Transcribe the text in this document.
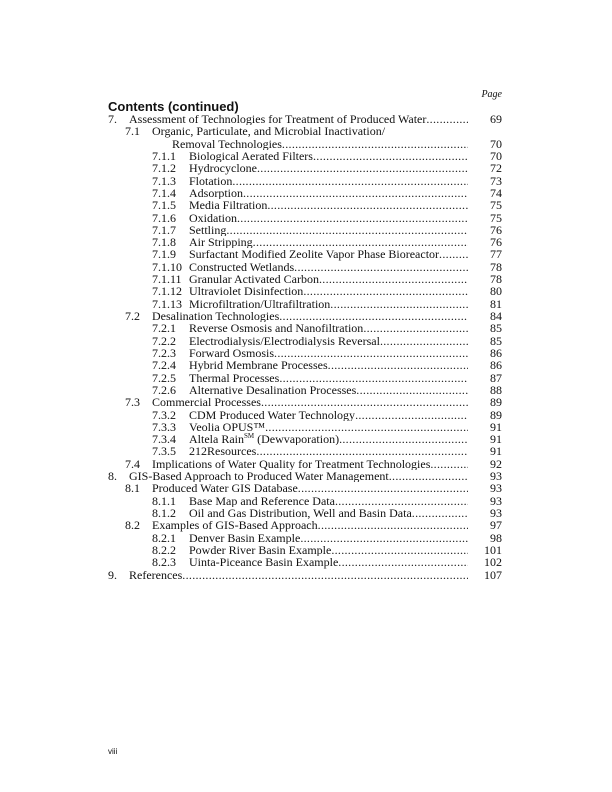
Contents (continued)
Page
7. Assessment of Technologies for Treatment of Produced Water .....	69
7.1 Organic, Particulate, and Microbial Inactivation/
Removal Technologies .....	70
7.1.1 Biological Aerated Filters .....	70
7.1.2 Hydrocyclone .....	72
7.1.3 Flotation .....	73
7.1.4 Adsorption .....	74
7.1.5 Media Filtration .....	75
7.1.6 Oxidation .....	75
7.1.7 Settling .....	76
7.1.8 Air Stripping .....	76
7.1.9 Surfactant Modified Zeolite Vapor Phase Bioreactor .....	77
7.1.10 Constructed Wetlands .....	78
7.1.11 Granular Activated Carbon .....	78
7.1.12 Ultraviolet Disinfection .....	80
7.1.13 Microfiltration/Ultrafiltration .....	81
7.2 Desalination Technologies .....	84
7.2.1 Reverse Osmosis and Nanofiltration .....	85
7.2.2 Electrodialysis/Electrodialysis Reversal .....	85
7.2.3 Forward Osmosis .....	86
7.2.4 Hybrid Membrane Processes .....	86
7.2.5 Thermal Processes .....	87
7.2.6 Alternative Desalination Processes .....	88
7.3 Commercial Processes .....	89
7.3.2 CDM Produced Water Technology .....	89
7.3.3 Veolia OPUS™ .....	91
7.3.4 Altela Rain℠ (Dewvaporation) .....	91
7.3.5 212Resources .....	91
7.4 Implications of Water Quality for Treatment Technologies .....	92
8. GIS-Based Approach to Produced Water Management .....	93
8.1 Produced Water GIS Database .....	93
8.1.1 Base Map and Reference Data .....	93
8.1.2 Oil and Gas Distribution, Well and Basin Data .....	93
8.2 Examples of GIS-Based Approach .....	97
8.2.1 Denver Basin Example .....	98
8.2.2 Powder River Basin Example .....	101
8.2.3 Uinta-Piceance Basin Example .....	102
9. References .....	107
viii
